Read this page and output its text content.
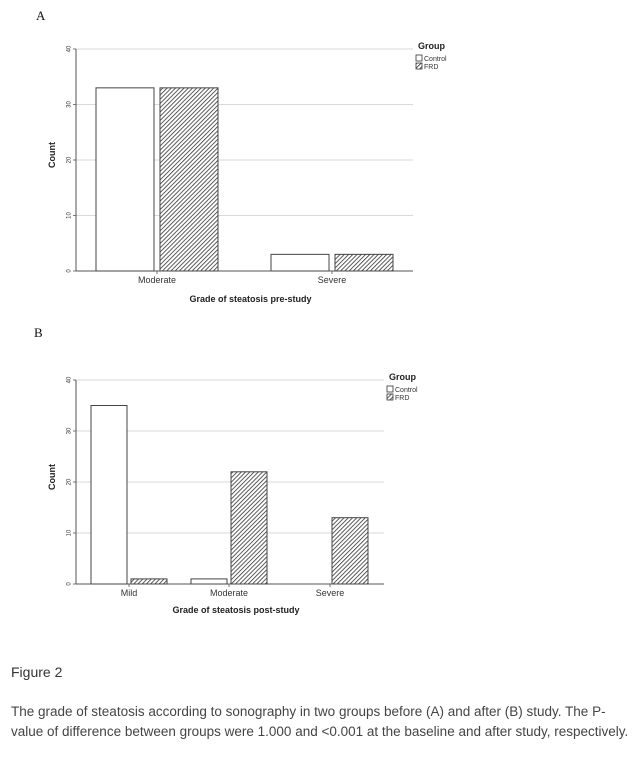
A
0
10
20
30
40
Count
Moderate	Severe
Grade of steatosis pre-study
Group
Control
FRD
B
0
10
20
30
40
Count
Mild	Moderate	Severe
Grade of steatosis post-study
Group
Control
FRD
Figure 2
The grade of steatosis according to sonography in two groups before (A) and after (B) study. The P-value of difference between groups were 1.000 and <0.001 at the baseline and after study, respectively.
